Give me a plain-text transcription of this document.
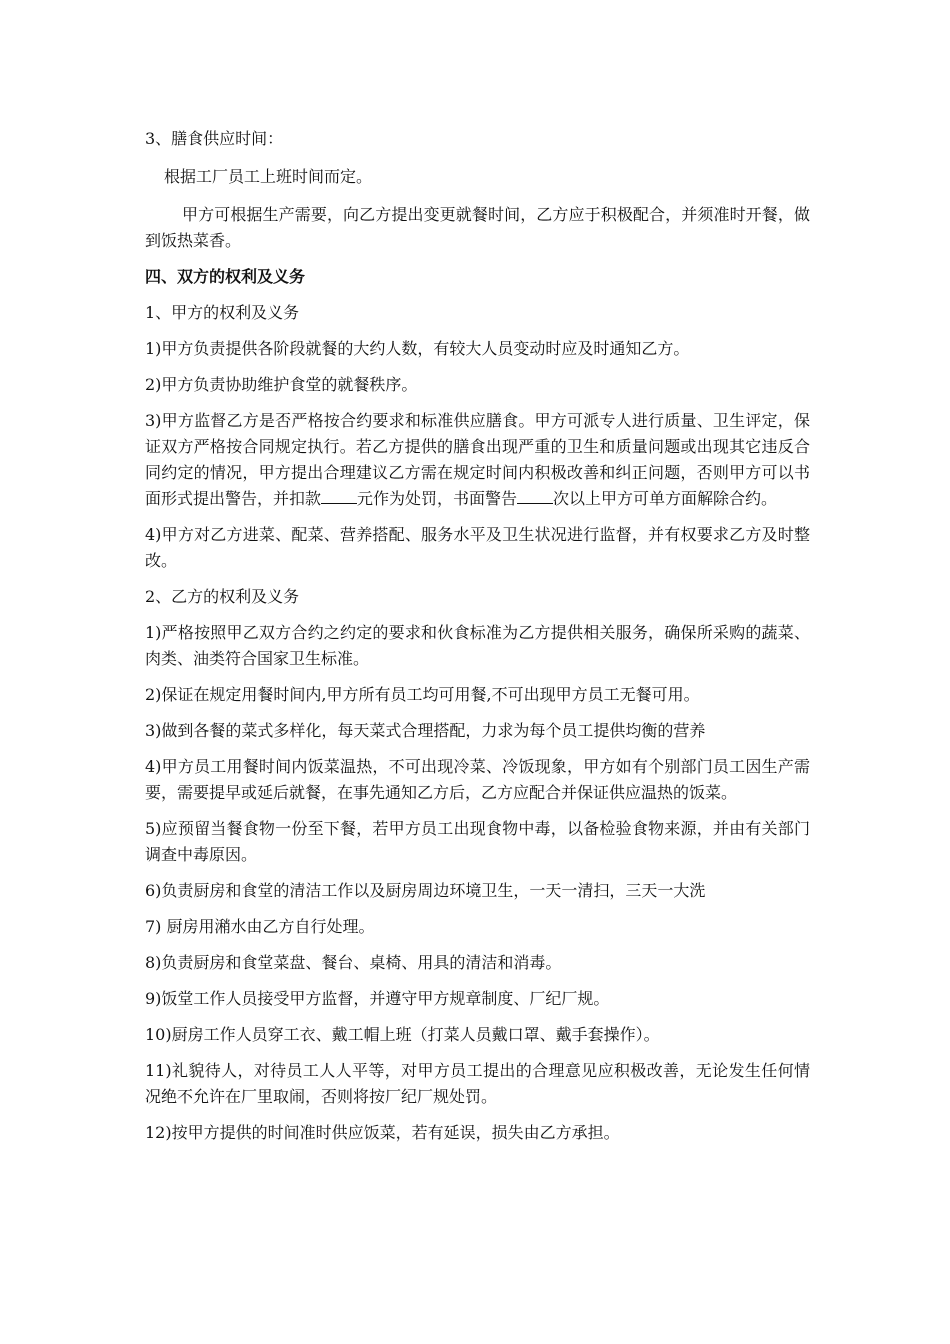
3、膳食供应时间：

根据工厂员工上班时间而定。

甲方可根据生产需要，向乙方提出变更就餐时间，乙方应于积极配合，并须准时开餐，做到饭热菜香。

四、双方的权利及义务

1、甲方的权利及义务

1)甲方负责提供各阶段就餐的大约人数，有较大人员变动时应及时通知乙方。

2)甲方负责协助维护食堂的就餐秩序。

3)甲方监督乙方是否严格按合约要求和标准供应膳食。甲方可派专人进行质量、卫生评定，保证双方严格按合同规定执行。若乙方提供的膳食出现严重的卫生和质量问题或出现其它违反合同约定的情况，甲方提出合理建议乙方需在规定时间内积极改善和纠正问题，否则甲方可以书面形式提出警告，并扣款 元作为处罚，书面警告 次以上甲方可单方面解除合约。

4)甲方对乙方进菜、配菜、营养搭配、服务水平及卫生状况进行监督，并有权要求乙方及时整改。

2、乙方的权利及义务

1)严格按照甲乙双方合约之约定的要求和伙食标准为乙方提供相关服务，确保所采购的蔬菜、肉类、油类符合国家卫生标准。

2)保证在规定用餐时间内,甲方所有员工均可用餐,不可出现甲方员工无餐可用。

3)做到各餐的菜式多样化，每天菜式合理搭配，力求为每个员工提供均衡的营养

4)甲方员工用餐时间内饭菜温热，不可出现冷菜、冷饭现象，甲方如有个别部门员工因生产需要，需要提早或延后就餐，在事先通知乙方后，乙方应配合并保证供应温热的饭菜。

5)应预留当餐食物一份至下餐，若甲方员工出现食物中毒，以备检验食物来源，并由有关部门调查中毒原因。

6)负责厨房和食堂的清洁工作以及厨房周边环境卫生，一天一清扫，三天一大洗

7) 厨房用潲水由乙方自行处理。

8)负责厨房和食堂菜盘、餐台、桌椅、用具的清洁和消毒。

9)饭堂工作人员接受甲方监督，并遵守甲方规章制度、厂纪厂规。

10)厨房工作人员穿工衣、戴工帽上班（打菜人员戴口罩、戴手套操作）。

11)礼貌待人，对待员工人人平等，对甲方员工提出的合理意见应积极改善，无论发生任何情况绝不允许在厂里取闹，否则将按厂纪厂规处罚。

12)按甲方提供的时间准时供应饭菜，若有延误，损失由乙方承担。
